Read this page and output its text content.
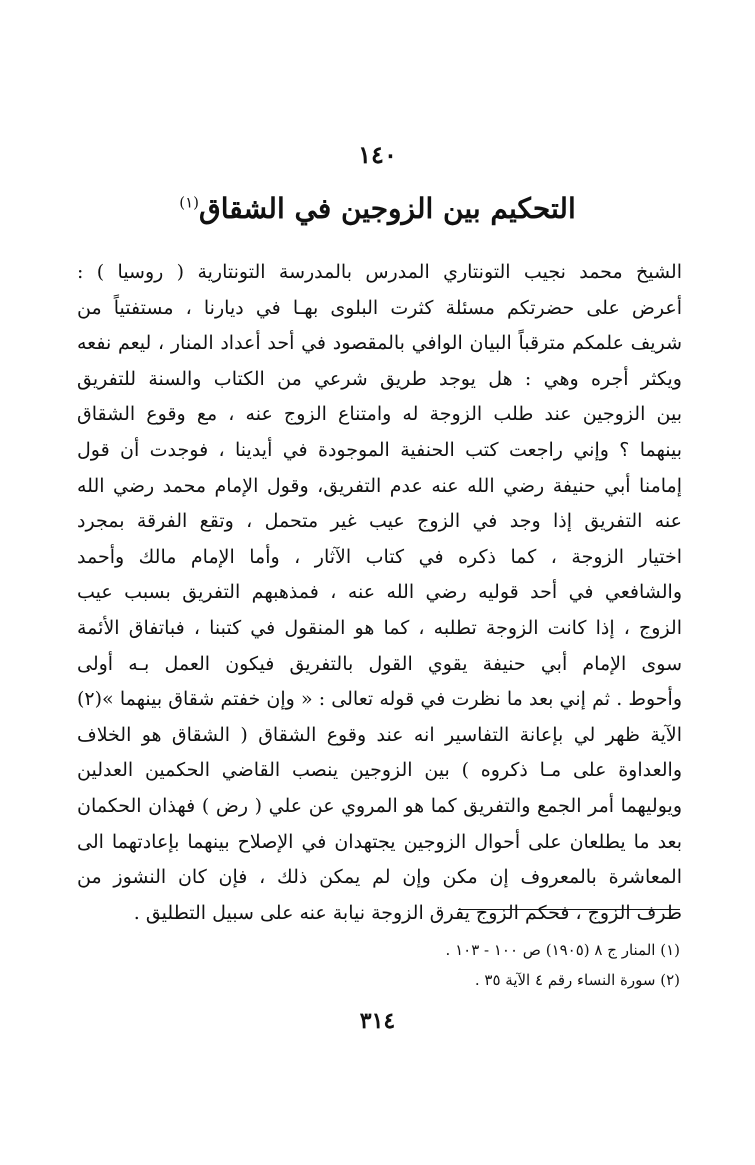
١٤٠
التحكيم بين الزوجين في الشقاق$^{(١)}$
الشيخ محمد نجيب التونتاري المدرس بالمدرسة التونتارية ( روسيا ) :
أعرض على حضرتكم مسئلة كثرت البلوى بهـا في ديارنا ، مستفتياً من
شريف علمكم مترقباً البيان الوافي بالمقصود في أحد أعداد المنار ، ليعم نفعه
ويكثر أجره وهي : هل يوجد طريق شرعي من الكتاب والسنة للتفريق
بين الزوجين عند طلب الزوجة له وامتناع الزوج عنه ، مع وقوع الشقاق
بينهما ؟ وإني راجعت كتب الحنفية الموجودة في أيدينا ، فوجدت أن قول
إمامنا أبي حنيفة رضي الله عنه عدم التفريق، وقول الإمام محمد رضي الله
عنه التفريق إذا وجد في الزوج عيب غير متحمل ، وتقع الفرقة بمجرد
اختيار الزوجة ، كما ذكره في كتاب الآثار ، وأما الإمام مالك وأحمد
والشافعي في أحد قوليه رضي الله عنه ، فمذهبهم التفريق بسبب عيب
الزوج ، إذا كانت الزوجة تطلبه ، كما هو المنقول في كتبنا ، فباتفاق الأئمة
سوى الإمام أبي حنيفة يقوي القول بالتفريق فيكون العمل بـه أولى
وأحوط . ثم إني بعد ما نظرت في قوله تعالى : « وإن خفتم شقاق بينهما »(٢)
الآية ظهر لي بإعانة التفاسير انه عند وقوع الشقاق ( الشقاق هو الخلاف
والعداوة على مـا ذكروه ) بين الزوجين ينصب القاضي الحكمين العدلين
ويوليهما أمر الجمع والتفريق كما هو المروي عن علي ( رض ) فهذان الحكمان
بعد ما يطلعان على أحوال الزوجين يجتهدان في الإصلاح بينهما بإعادتهما الى
المعاشرة بالمعروف إن مكن وإن لم يمكن ذلك ، فإن كان النشوز من
طرف الزوج ، فحكم الزوج يفرق الزوجة نيابة عنه على سبيل التطليق .
(١) المنار ج ٨ (١٩٠٥) ص ١٠٠ - ١٠٣ .
(٢) سورة النساء رقم ٤ الآية ٣٥ .
٣١٤
